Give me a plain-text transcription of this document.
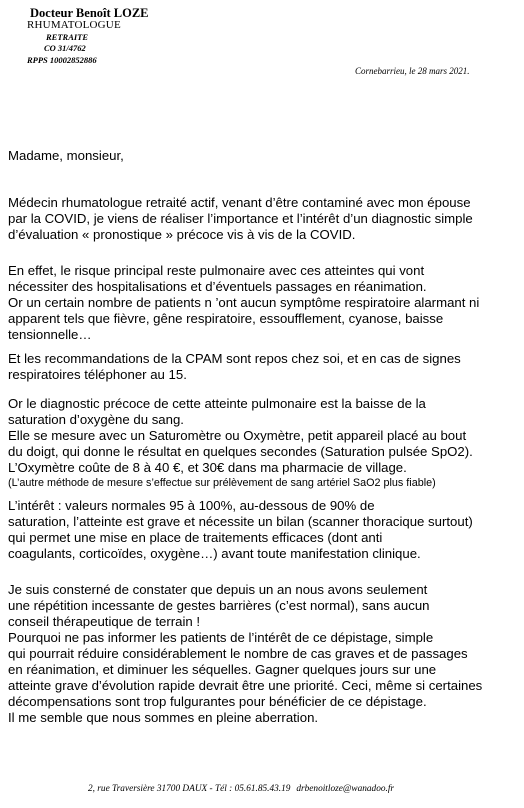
Docteur Benoît LOZE
RHUMATOLOGUE
RETRAITE
CO 31/4762
RPPS 10002852886
Cornebarrieu, le 28 mars 2021.
Madame, monsieur,
Médecin rhumatologue retraité actif, venant d’être contaminé avec mon épouse
par la COVID, je viens de réaliser l’importance et l’intérêt d’un diagnostic simple
d’évaluation « pronostique » précoce vis à vis de la COVID.
En effet, le risque principal reste pulmonaire avec ces atteintes qui vont
nécessiter des hospitalisations et d’éventuels passages en réanimation.
Or un certain nombre de patients n ’ont aucun symptôme respiratoire alarmant ni
apparent tels que fièvre, gêne respiratoire, essoufflement, cyanose, baisse
tensionnelle…
Et les recommandations de la CPAM sont repos chez soi, et en cas de signes
respiratoires téléphoner au 15.
Or le diagnostic précoce de cette atteinte pulmonaire est la baisse de la
saturation d’oxygène du sang.
Elle se mesure avec un Saturomètre ou Oxymètre, petit appareil placé au bout
du doigt, qui donne le résultat en quelques secondes (Saturation pulsée SpO2).
L’Oxymètre coûte de 8 à 40 €, et 30€ dans ma pharmacie de village.
(L’autre méthode de mesure s’effectue sur prélèvement de sang artériel SaO2 plus fiable)
L’intérêt : valeurs normales 95 à 100%, au-dessous de 90% de
saturation, l’atteinte est grave et nécessite un bilan (scanner thoracique surtout)
qui permet une mise en place de traitements efficaces (dont anti
coagulants, corticoïdes, oxygène…) avant toute manifestation clinique.
Je suis consterné de constater que depuis un an nous avons seulement
une répétition incessante de gestes barrières (c’est normal), sans aucun
conseil thérapeutique de terrain !
Pourquoi ne pas informer les patients de l’intérêt de ce dépistage, simple
qui pourrait réduire considérablement le nombre de cas graves et de passages
en réanimation, et diminuer les séquelles. Gagner quelques jours sur une
atteinte grave d’évolution rapide devrait être une priorité. Ceci, même si certaines
décompensations sont trop fulgurantes pour bénéficier de ce dépistage.
Il me semble que nous sommes en pleine aberration.
2, rue Traversière 31700 DAUX - Tél : 05.61.85.43.19 drbenoitloze@wanadoo.fr
